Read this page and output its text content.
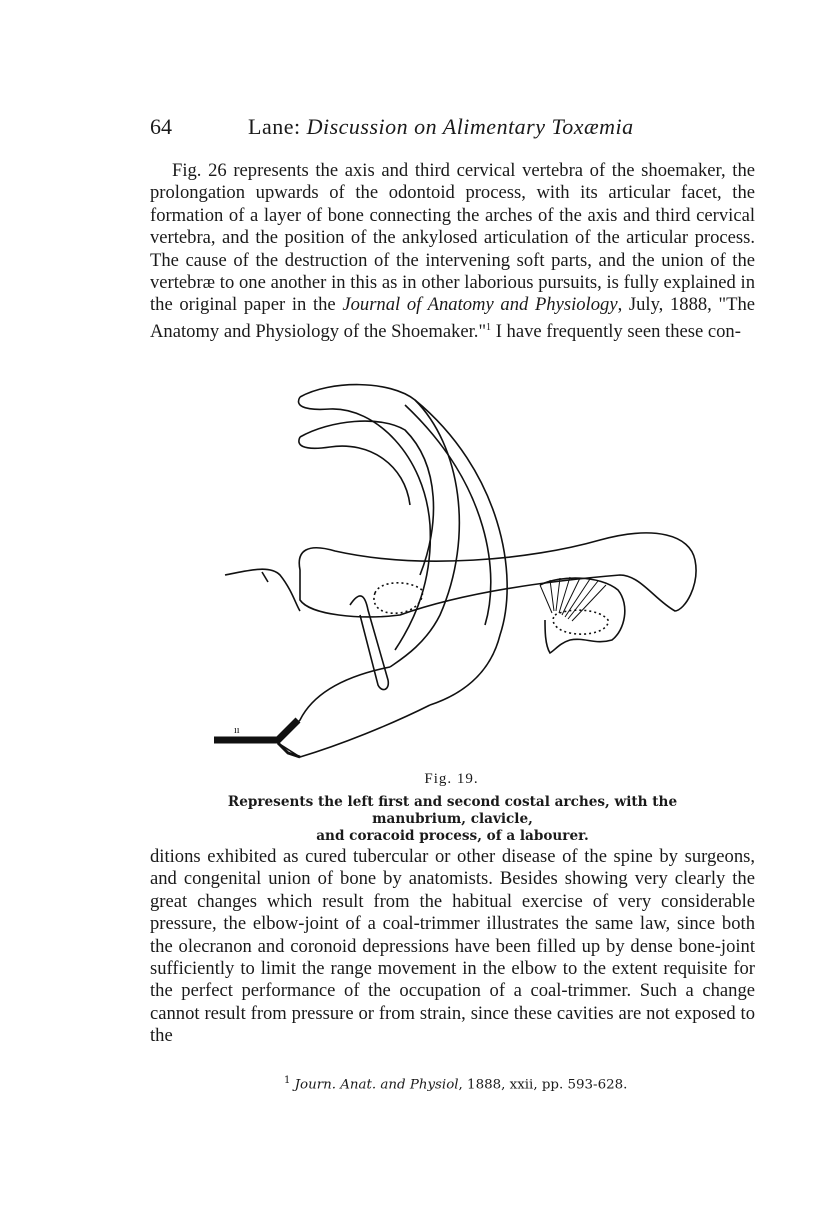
64	Lane: Discussion on Alimentary Toxæmia

Fig. 26 represents the axis and third cervical vertebra of the shoemaker, the prolongation upwards of the odontoid process, with its articular facet, the formation of a layer of bone connecting the arches of the axis and third cervical vertebra, and the position of the ankylosed articulation of the articular process. The cause of the destruction of the intervening soft parts, and the union of the vertebræ to one another in this as in other laborious pursuits, is fully explained in the original paper in the Journal of Anatomy and Physiology, July, 1888, "The Anatomy and Physiology of the Shoemaker."$^1$ I have frequently seen these con-

ıı
Fig. 19.
Represents the left first and second costal arches, with the manubrium, clavicle,
and coracoid process, of a labourer.

ditions exhibited as cured tubercular or other disease of the spine by surgeons, and congenital union of bone by anatomists. Besides showing very clearly the great changes which result from the habitual exercise of very considerable pressure, the elbow-joint of a coal-trimmer illustrates the same law, since both the olecranon and coronoid depressions have been filled up by dense bone-joint sufficiently to limit the range movement in the elbow to the extent requisite for the perfect performance of the occupation of a coal-trimmer. Such a change cannot result from pressure or from strain, since these cavities are not exposed to the

$^1$ Journ. Anat. and Physiol, 1888, xxii, pp. 593-628.
